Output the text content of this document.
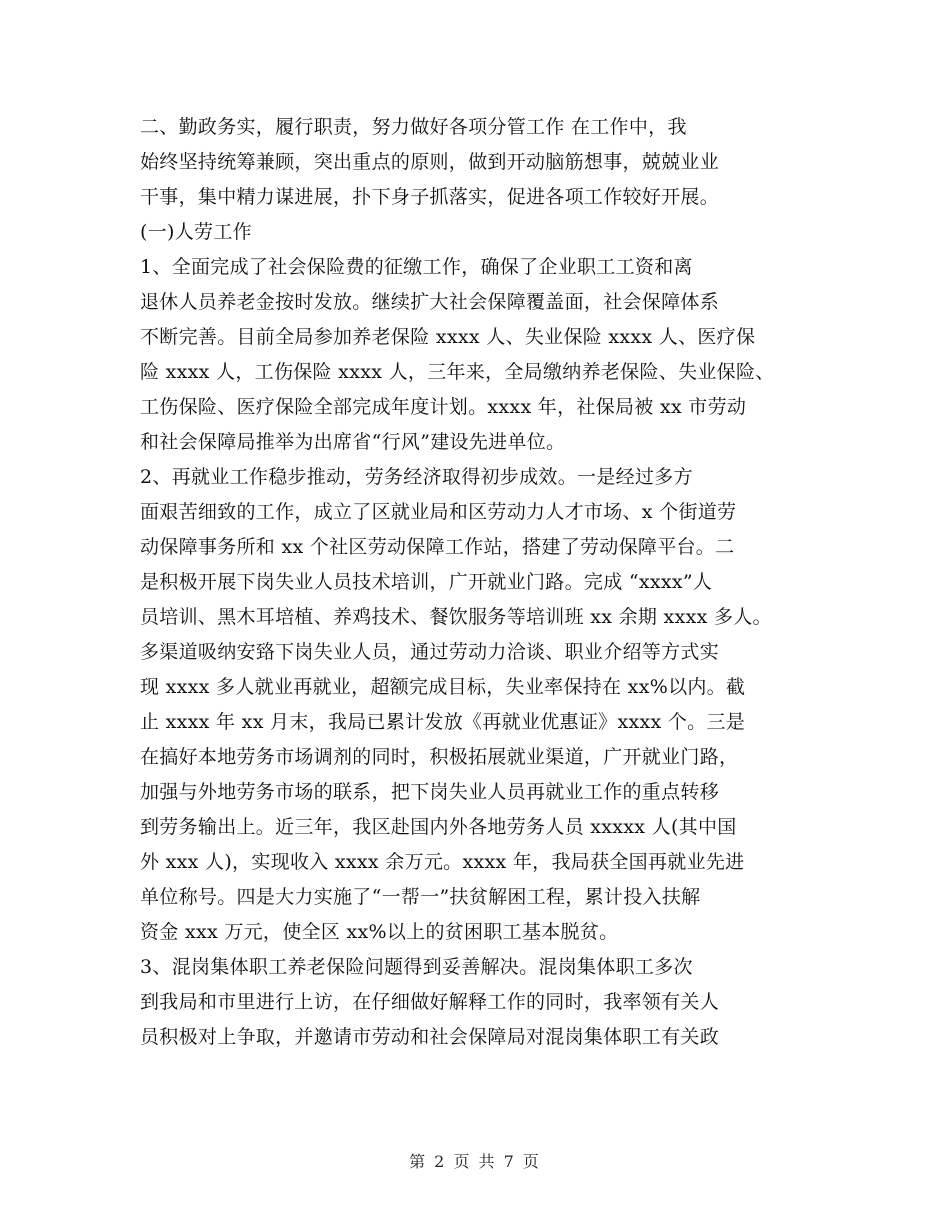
二、勤政务实，履行职责，努力做好各项分管工作 在工作中，我
始终坚持统筹兼顾，突出重点的原则，做到开动脑筋想事，兢兢业业
干事，集中精力谋进展，扑下身子抓落实，促进各项工作较好开展。
(一)人劳工作
1、全面完成了社会保险费的征缴工作，确保了企业职工工资和离
退休人员养老金按时发放。继续扩大社会保障覆盖面，社会保障体系
不断完善。目前全局参加养老保险 xxxx 人、失业保险 xxxx 人、医疗保
险 xxxx 人，工伤保险 xxxx 人，三年来，全局缴纳养老保险、失业保险、
工伤保险、医疗保险全部完成年度计划。xxxx 年，社保局被 xx 市劳动
和社会保障局推举为出席省“行风”建设先进单位。
2、再就业工作稳步推动，劳务经济取得初步成效。一是经过多方
面艰苦细致的工作，成立了区就业局和区劳动力人才市场、x 个街道劳
动保障事务所和 xx 个社区劳动保障工作站，搭建了劳动保障平台。二
是积极开展下岗失业人员技术培训，广开就业门路。完成 “xxxx”人
员培训、黑木耳培植、养鸡技术、餐饮服务等培训班 xx 余期 xxxx 多人。
多渠道吸纳安臵下岗失业人员，通过劳动力洽谈、职业介绍等方式实
现 xxxx 多人就业再就业，超额完成目标，失业率保持在 xx%以内。截
止 xxxx 年 xx 月末，我局已累计发放《再就业优惠证》xxxx 个。三是
在搞好本地劳务市场调剂的同时，积极拓展就业渠道，广开就业门路，
加强与外地劳务市场的联系，把下岗失业人员再就业工作的重点转移
到劳务输出上。近三年，我区赴国内外各地劳务人员 xxxxx 人(其中国
外 xxx 人)，实现收入 xxxx 余万元。xxxx 年，我局获全国再就业先进
单位称号。四是大力实施了“一帮一”扶贫解困工程，累计投入扶解
资金 xxx 万元，使全区 xx%以上的贫困职工基本脱贫。
3、混岗集体职工养老保险问题得到妥善解决。混岗集体职工多次
到我局和市里进行上访，在仔细做好解释工作的同时，我率领有关人
员积极对上争取，并邀请市劳动和社会保障局对混岗集体职工有关政
第 2 页 共 7 页
